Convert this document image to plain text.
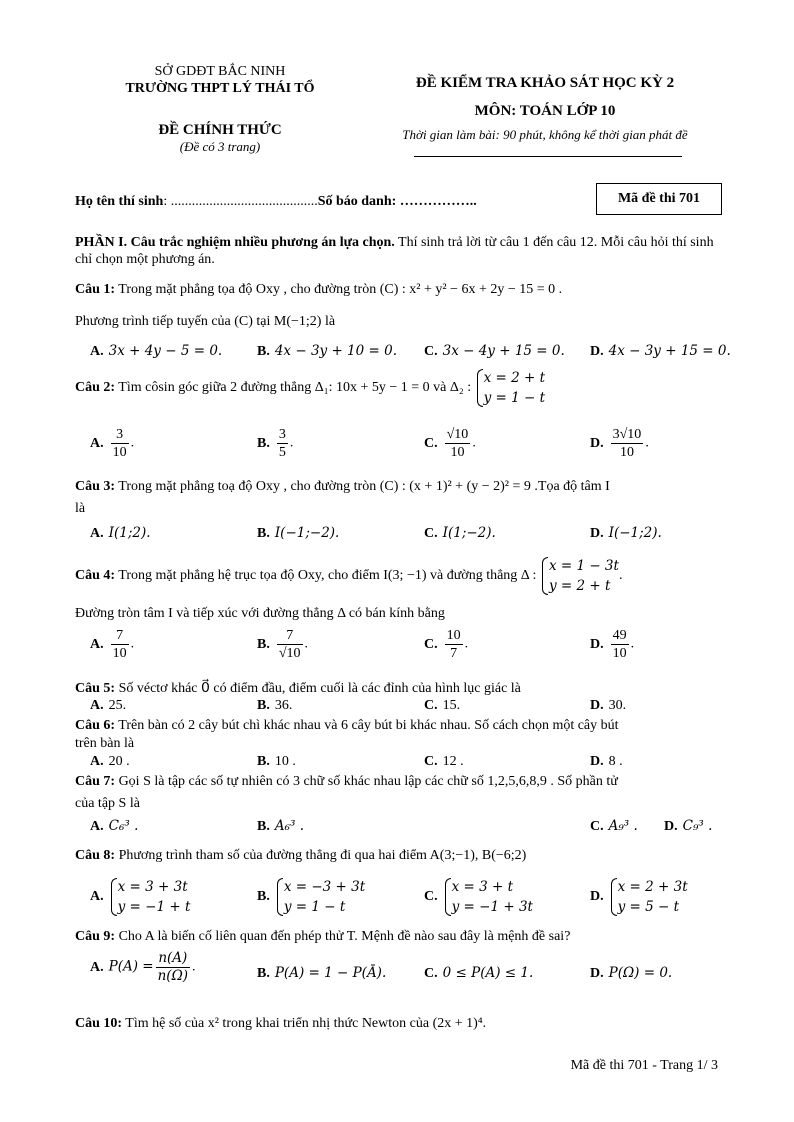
SỞ GDĐT BẮC NINH
TRƯỜNG THPT LÝ THÁI TỔ
ĐỀ CHÍNH THỨC
(Đề có 3 trang)
ĐỀ KIỂM TRA KHẢO SÁT HỌC KỲ 2
MÔN: TOÁN LỚP 10
Thời gian làm bài: 90 phút, không kể thời gian phát đề
Họ tên thí sinh: ..........................................Số báo danh: ……………..	Mã đề thi 701
PHẦN I. Câu trắc nghiệm nhiều phương án lựa chọn. Thí sinh trả lời từ câu 1 đến câu 12. Mỗi câu hỏi thí sinh chỉ chọn một phương án.
Câu 1: Trong mặt phẳng tọa độ Oxy , cho đường tròn (C) : x² + y² − 6x + 2y − 15 = 0 .
Phương trình tiếp tuyến của (C) tại M(−1;2) là
A. 3x + 4y − 5 = 0. B. 4x − 3y + 10 = 0. C. 3x − 4y + 15 = 0. D. 4x − 3y + 15 = 0.
Câu 2: Tìm côsin góc giữa 2 đường thẳng Δ₁: 10x + 5y − 1 = 0 và Δ₂ :
x = 2 + t
y = 1 − t
A. $\frac{3}{10}$ .	B. $\frac{3}{5}$ .	C. $\frac{√10}{10}$ .	D. $\frac{3√10}{10}$ .
Câu 3: Trong mặt phẳng toạ độ Oxy , cho đường tròn (C) : (x + 1)² + (y − 2)² = 9 .Tọa độ tâm I
là
A. I(1;2).	B. I(−1;−2).	C. I(1;−2).	D. I(−1;2).
Câu 4: Trong mặt phẳng hệ trục tọa độ Oxy, cho điểm I(3; −1) và đường thẳng Δ :
x = 1 − 3t
y = 2 + t
.
Đường tròn tâm I và tiếp xúc với đường thẳng Δ có bán kính bằng
A. $\frac{7}{10}$ .	B. $\frac{7}{√10}$ .	C. $\frac{10}{7}$ .	D. $\frac{49}{10}$ .
Câu 5: Số véctơ khác 0⃗ có điểm đầu, điểm cuối là các đỉnh của hình lục giác là
A. 25.	B. 36.	C. 15.	D. 30.
Câu 6: Trên bàn có 2 cây bút chì khác nhau và 6 cây bút bi khác nhau. Số cách chọn một cây bút
trên bàn là
A. 20 .	B. 10 .	C. 12 .	D. 8 .
Câu 7: Gọi S là tập các số tự nhiên có 3 chữ số khác nhau lập các chữ số 1,2,5,6,8,9 . Số phần tử
của tập S là
A. C₆³ .	B. A₆³ .	C. A₉³ . D. C₉³ .
Câu 8: Phương trình tham số của đường thẳng đi qua hai điểm A(3;−1), B(−6;2)
A.
x = 3 + 3t
y = −1 + t
B.
x = −3 + 3t
y = 1 − t
C.
x = 3 + t
y = −1 + 3t
D.
x = 2 + 3t
y = 5 − t
Câu 9: Cho A là biến cố liên quan đến phép thử T. Mệnh đề nào sau đây là mệnh đề sai?
A. $P(A) = \frac{n(A)}{n(\Omega)}$ .	B. P(A) = 1 − P(Ā).	C. 0 ≤ P(A) ≤ 1.	D. P(Ω) = 0.
Câu 10: Tìm hệ số của x² trong khai triển nhị thức Newton của (2x + 1)⁴.
Mã đề thi 701 - Trang 1/ 3
